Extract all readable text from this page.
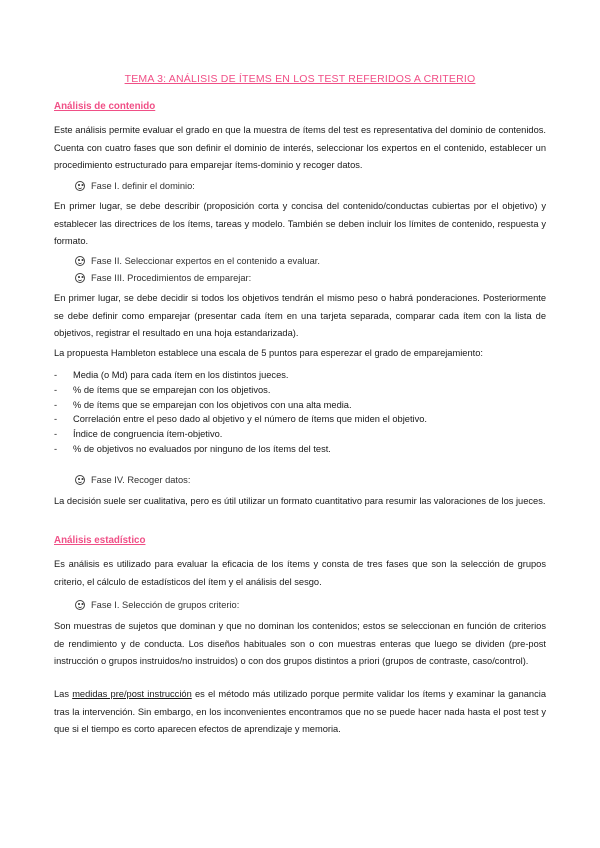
TEMA 3: ANÁLISIS DE ÍTEMS EN LOS TEST REFERIDOS A CRITERIO
Análisis de contenido
Este análisis permite evaluar el grado en que la muestra de ítems del test es representativa del dominio de contenidos. Cuenta con cuatro fases que son definir el dominio de interés, seleccionar los expertos en el contenido, establecer un procedimiento estructurado para emparejar ítems-dominio y recoger datos.
Fase I. definir el dominio:
En primer lugar, se debe describir (proposición corta y concisa del contenido/conductas cubiertas por el objetivo) y establecer las directrices de los ítems, tareas y modelo. También se deben incluir los límites de contenido, respuesta y formato.
Fase II. Seleccionar expertos en el contenido a evaluar.
Fase III. Procedimientos de emparejar:
En primer lugar, se debe decidir si todos los objetivos tendrán el mismo peso o habrá ponderaciones. Posteriormente se debe definir como emparejar (presentar cada ítem en una tarjeta separada, comparar cada ítem con la lista de objetivos, registrar el resultado en una hoja estandarizada).
La propuesta Hambleton establece una escala de 5 puntos para esperezar el grado de emparejamiento:
- Media (o Md) para cada ítem en los distintos jueces.
- % de ítems que se emparejan con los objetivos.
- % de ítems que se emparejan con los objetivos con una alta media.
- Correlación entre el peso dado al objetivo y el número de ítems que miden el objetivo.
- Índice de congruencia ítem-objetivo.
- % de objetivos no evaluados por ninguno de los ítems del test.
Fase IV. Recoger datos:
La decisión suele ser cualitativa, pero es útil utilizar un formato cuantitativo para resumir las valoraciones de los jueces.
Análisis estadístico
Es análisis es utilizado para evaluar la eficacia de los ítems y consta de tres fases que son la selección de grupos criterio, el cálculo de estadísticos del ítem y el análisis del sesgo.
Fase I. Selección de grupos criterio:
Son muestras de sujetos que dominan y que no dominan los contenidos; estos se seleccionan en función de criterios de rendimiento y de conducta. Los diseños habituales son o con muestras enteras que luego se dividen (pre-post instrucción o grupos instruidos/no instruidos) o con dos grupos distintos a priori (grupos de contraste, caso/control).
Las medidas pre/post instrucción es el método más utilizado porque permite validar los ítems y examinar la ganancia tras la intervención. Sin embargo, en los inconvenientes encontramos que no se puede hacer nada hasta el post test y que si el tiempo es corto aparecen efectos de aprendizaje y memoria.
